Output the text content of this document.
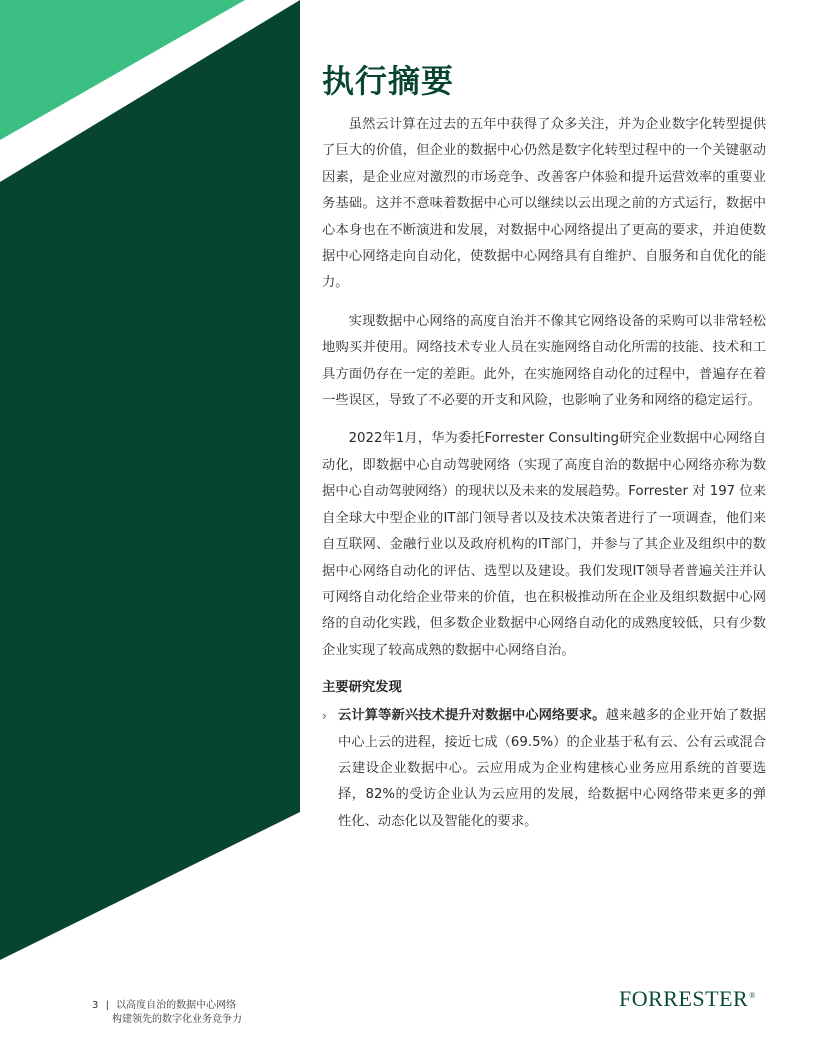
执行摘要

虽然云计算在过去的五年中获得了众多关注，并为企业数字化转型提供了巨大的价值，但企业的数据中心仍然是数字化转型过程中的一个关键驱动因素，是企业应对激烈的市场竞争、改善客户体验和提升运营效率的重要业务基础。这并不意味着数据中心可以继续以云出现之前的方式运行，数据中心本身也在不断演进和发展，对数据中心网络提出了更高的要求，并迫使数据中心网络走向自动化，使数据中心网络具有自维护、自服务和自优化的能力。

实现数据中心网络的高度自治并不像其它网络设备的采购可以非常轻松地购买并使用。网络技术专业人员在实施网络自动化所需的技能、技术和工具方面仍存在一定的差距。此外，在实施网络自动化的过程中，普遍存在着一些误区，导致了不必要的开支和风险，也影响了业务和网络的稳定运行。

2022年1月，华为委托Forrester Consulting研究企业数据中心网络自动化，即数据中心自动驾驶网络（实现了高度自治的数据中心网络亦称为数据中心自动驾驶网络）的现状以及未来的发展趋势。Forrester 对 197 位来自全球大中型企业的IT部门领导者以及技术决策者进行了一项调查，他们来自互联网、金融行业以及政府机构的IT部门，并参与了其企业及组织中的数据中心网络自动化的评估、选型以及建设。我们发现IT领导者普遍关注并认可网络自动化给企业带来的价值，也在积极推动所在企业及组织数据中心网络的自动化实践，但多数企业数据中心网络自动化的成熟度较低，只有少数企业实现了较高成熟的数据中心网络自治。

主要研究发现

› 云计算等新兴技术提升对数据中心网络要求。越来越多的企业开始了数据中心上云的进程，接近七成（69.5%）的企业基于私有云、公有云或混合云建设企业数据中心。云应用成为企业构建核心业务应用系统的首要选择，82%的受访企业认为云应用的发展，给数据中心网络带来更多的弹性化、动态化以及智能化的要求。

3 | 以高度自治的数据中心网络
构建领先的数字化业务竞争力
FORRESTER®
